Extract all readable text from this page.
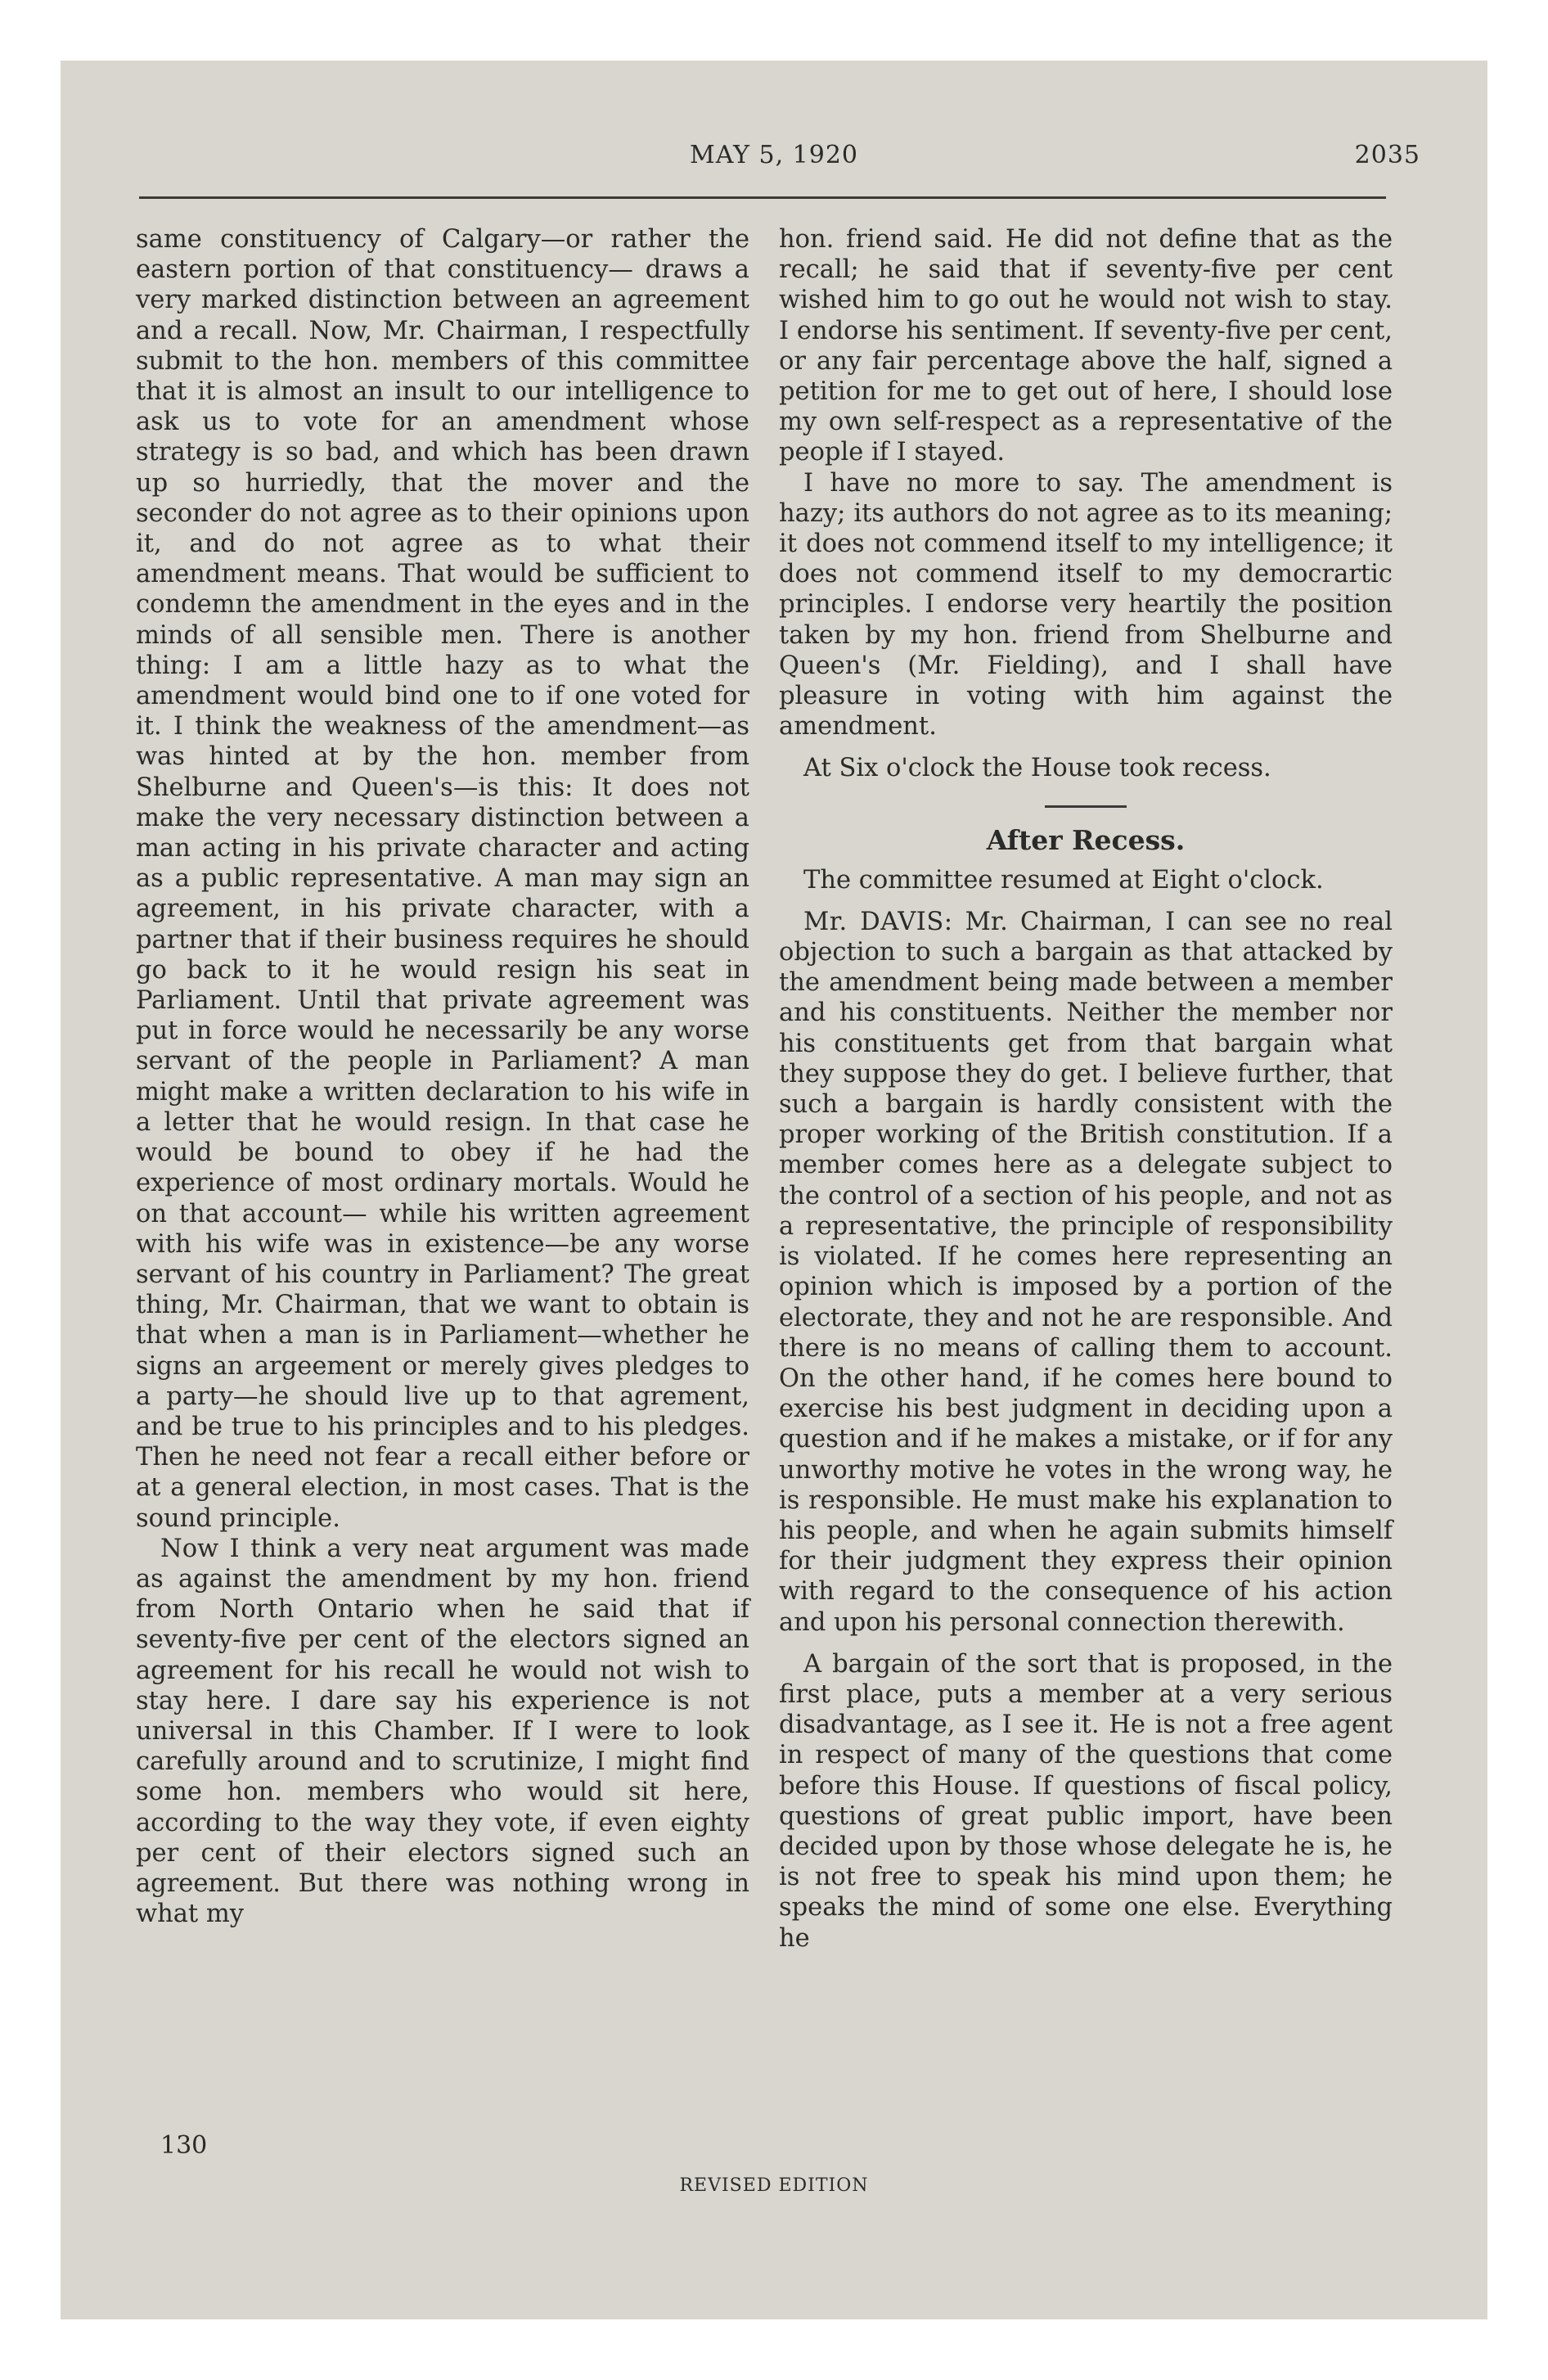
MAY 5, 1920	2035

same constituency of Calgary—or rather the eastern portion of that constituency— draws a very marked distinction between an agreement and a recall. Now, Mr. Chairman, I respectfully submit to the hon. members of this committee that it is almost an insult to our intelligence to ask us to vote for an amendment whose strategy is so bad, and which has been drawn up so hurriedly, that the mover and the seconder do not agree as to their opinions upon it, and do not agree as to what their amendment means. That would be sufficient to condemn the amendment in the eyes and in the minds of all sensible men. There is another thing: I am a little hazy as to what the amendment would bind one to if one voted for it. I think the weakness of the amendment—as was hinted at by the hon. member from Shelburne and Queen's—is this: It does not make the very necessary distinction between a man acting in his private character and acting as a public representative. A man may sign an agreement, in his private character, with a partner that if their business requires he should go back to it he would resign his seat in Parliament. Until that private agreement was put in force would he necessarily be any worse servant of the people in Parliament? A man might make a written declaration to his wife in a letter that he would resign. In that case he would be bound to obey if he had the experience of most ordinary mortals. Would he on that account— while his written agreement with his wife was in existence—be any worse servant of his country in Parliament? The great thing, Mr. Chairman, that we want to obtain is that when a man is in Parliament—whether he signs an argeement or merely gives pledges to a party—he should live up to that agrement, and be true to his principles and to his pledges. Then he need not fear a recall either before or at a general election, in most cases. That is the sound principle.

Now I think a very neat argument was made as against the amendment by my hon. friend from North Ontario when he said that if seventy-five per cent of the electors signed an agreement for his recall he would not wish to stay here. I dare say his experience is not universal in this Chamber. If I were to look carefully around and to scrutinize, I might find some hon. members who would sit here, according to the way they vote, if even eighty per cent of their electors signed such an agreement. But there was nothing wrong in what my

hon. friend said. He did not define that as the recall; he said that if seventy-five per cent wished him to go out he would not wish to stay. I endorse his sentiment. If seventy-five per cent, or any fair percentage above the half, signed a petition for me to get out of here, I should lose my own self-respect as a representative of the people if I stayed.

I have no more to say. The amendment is hazy; its authors do not agree as to its meaning; it does not commend itself to my intelligence; it does not commend itself to my democrartic principles. I endorse very heartily the position taken by my hon. friend from Shelburne and Queen's (Mr. Fielding), and I shall have pleasure in voting with him against the amendment.

At Six o'clock the House took recess.

After Recess.

The committee resumed at Eight o'clock.

Mr. DAVIS: Mr. Chairman, I can see no real objection to such a bargain as that attacked by the amendment being made between a member and his constituents. Neither the member nor his constituents get from that bargain what they suppose they do get. I believe further, that such a bargain is hardly consistent with the proper working of the British constitution. If a member comes here as a delegate subject to the control of a section of his people, and not as a representative, the principle of responsibility is violated. If he comes here representing an opinion which is imposed by a portion of the electorate, they and not he are responsible. And there is no means of calling them to account. On the other hand, if he comes here bound to exercise his best judgment in deciding upon a question and if he makes a mistake, or if for any unworthy motive he votes in the wrong way, he is responsible. He must make his explanation to his people, and when he again submits himself for their judgment they express their opinion with regard to the consequence of his action and upon his personal connection therewith.

A bargain of the sort that is proposed, in the first place, puts a member at a very serious disadvantage, as I see it. He is not a free agent in respect of many of the questions that come before this House. If questions of fiscal policy, questions of great public import, have been decided upon by those whose delegate he is, he is not free to speak his mind upon them; he speaks the mind of some one else. Everything he

130
REVISED EDITION
